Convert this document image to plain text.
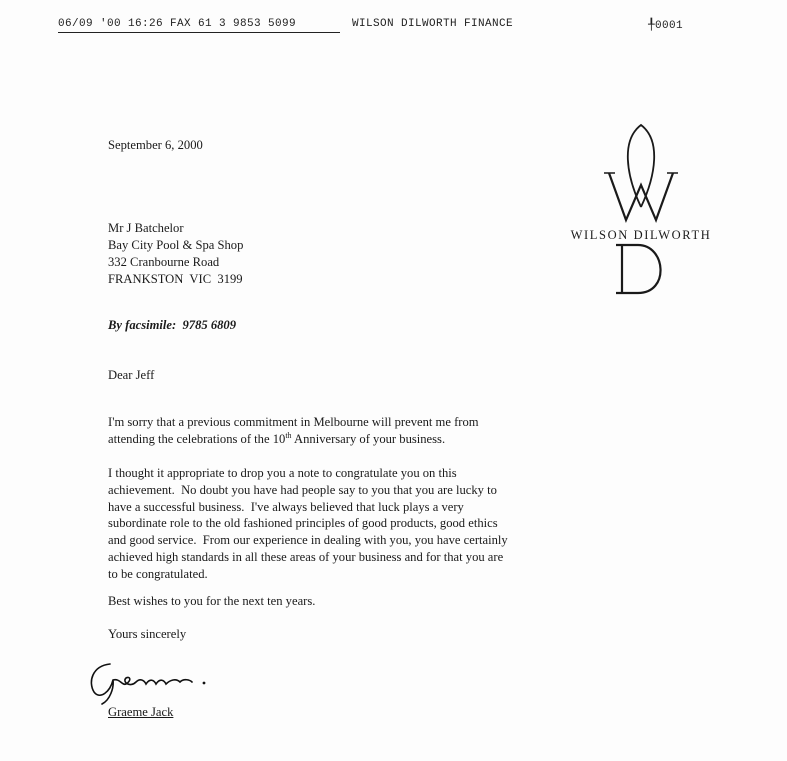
06/09 '00 16:26 FAX 61 3 9853 5099	WILSON DILWORTH FINANCE	╀0001
WILSON DILWORTH
September 6, 2000
Mr J Batchelor
Bay City Pool & Spa Shop
332 Cranbourne Road
FRANKSTON  VIC  3199
By facsimile:  9785 6809
Dear Jeff
I'm sorry that a previous commitment in Melbourne will prevent me from
attending the celebrations of the 10th Anniversary of your business.
I thought it appropriate to drop you a note to congratulate you on this
achievement.  No doubt you have had people say to you that you are lucky to
have a successful business.  I've always believed that luck plays a very
subordinate role to the old fashioned principles of good products, good ethics
and good service.  From our experience in dealing with you, you have certainly
achieved high standards in all these areas of your business and for that you are
to be congratulated.
Best wishes to you for the next ten years.
Yours sincerely
Graeme Jack
